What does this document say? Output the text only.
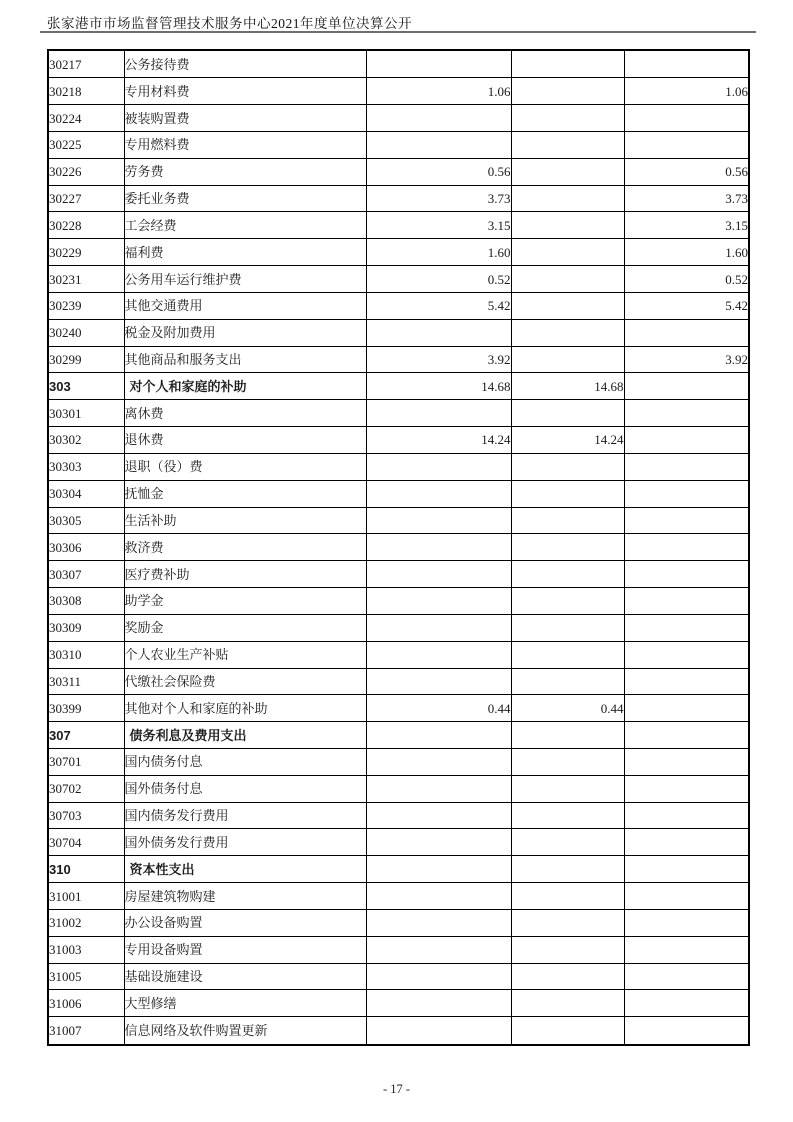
张家港市市场监督管理技术服务中心2021年度单位决算公开
30217	公务接待费			
30218	专用材料费	1.06		1.06
30224	被装购置费			
30225	专用燃料费			
30226	劳务费	0.56		0.56
30227	委托业务费	3.73		3.73
30228	工会经费	3.15		3.15
30229	福利费	1.60		1.60
30231	公务用车运行维护费	0.52		0.52
30239	其他交通费用	5.42		5.42
30240	税金及附加费用			
30299	其他商品和服务支出	3.92		3.92
303	对个人和家庭的补助	14.68	14.68	
30301	离休费			
30302	退休费	14.24	14.24	
30303	退职（役）费			
30304	抚恤金			
30305	生活补助			
30306	救济费			
30307	医疗费补助			
30308	助学金			
30309	奖励金			
30310	个人农业生产补贴			
30311	代缴社会保险费			
30399	其他对个人和家庭的补助	0.44	0.44	
307	债务利息及费用支出			
30701	国内债务付息			
30702	国外债务付息			
30703	国内债务发行费用			
30704	国外债务发行费用			
310	资本性支出			
31001	房屋建筑物购建			
31002	办公设备购置			
31003	专用设备购置			
31005	基础设施建设			
31006	大型修缮			
31007	信息网络及软件购置更新			
- 17 -
